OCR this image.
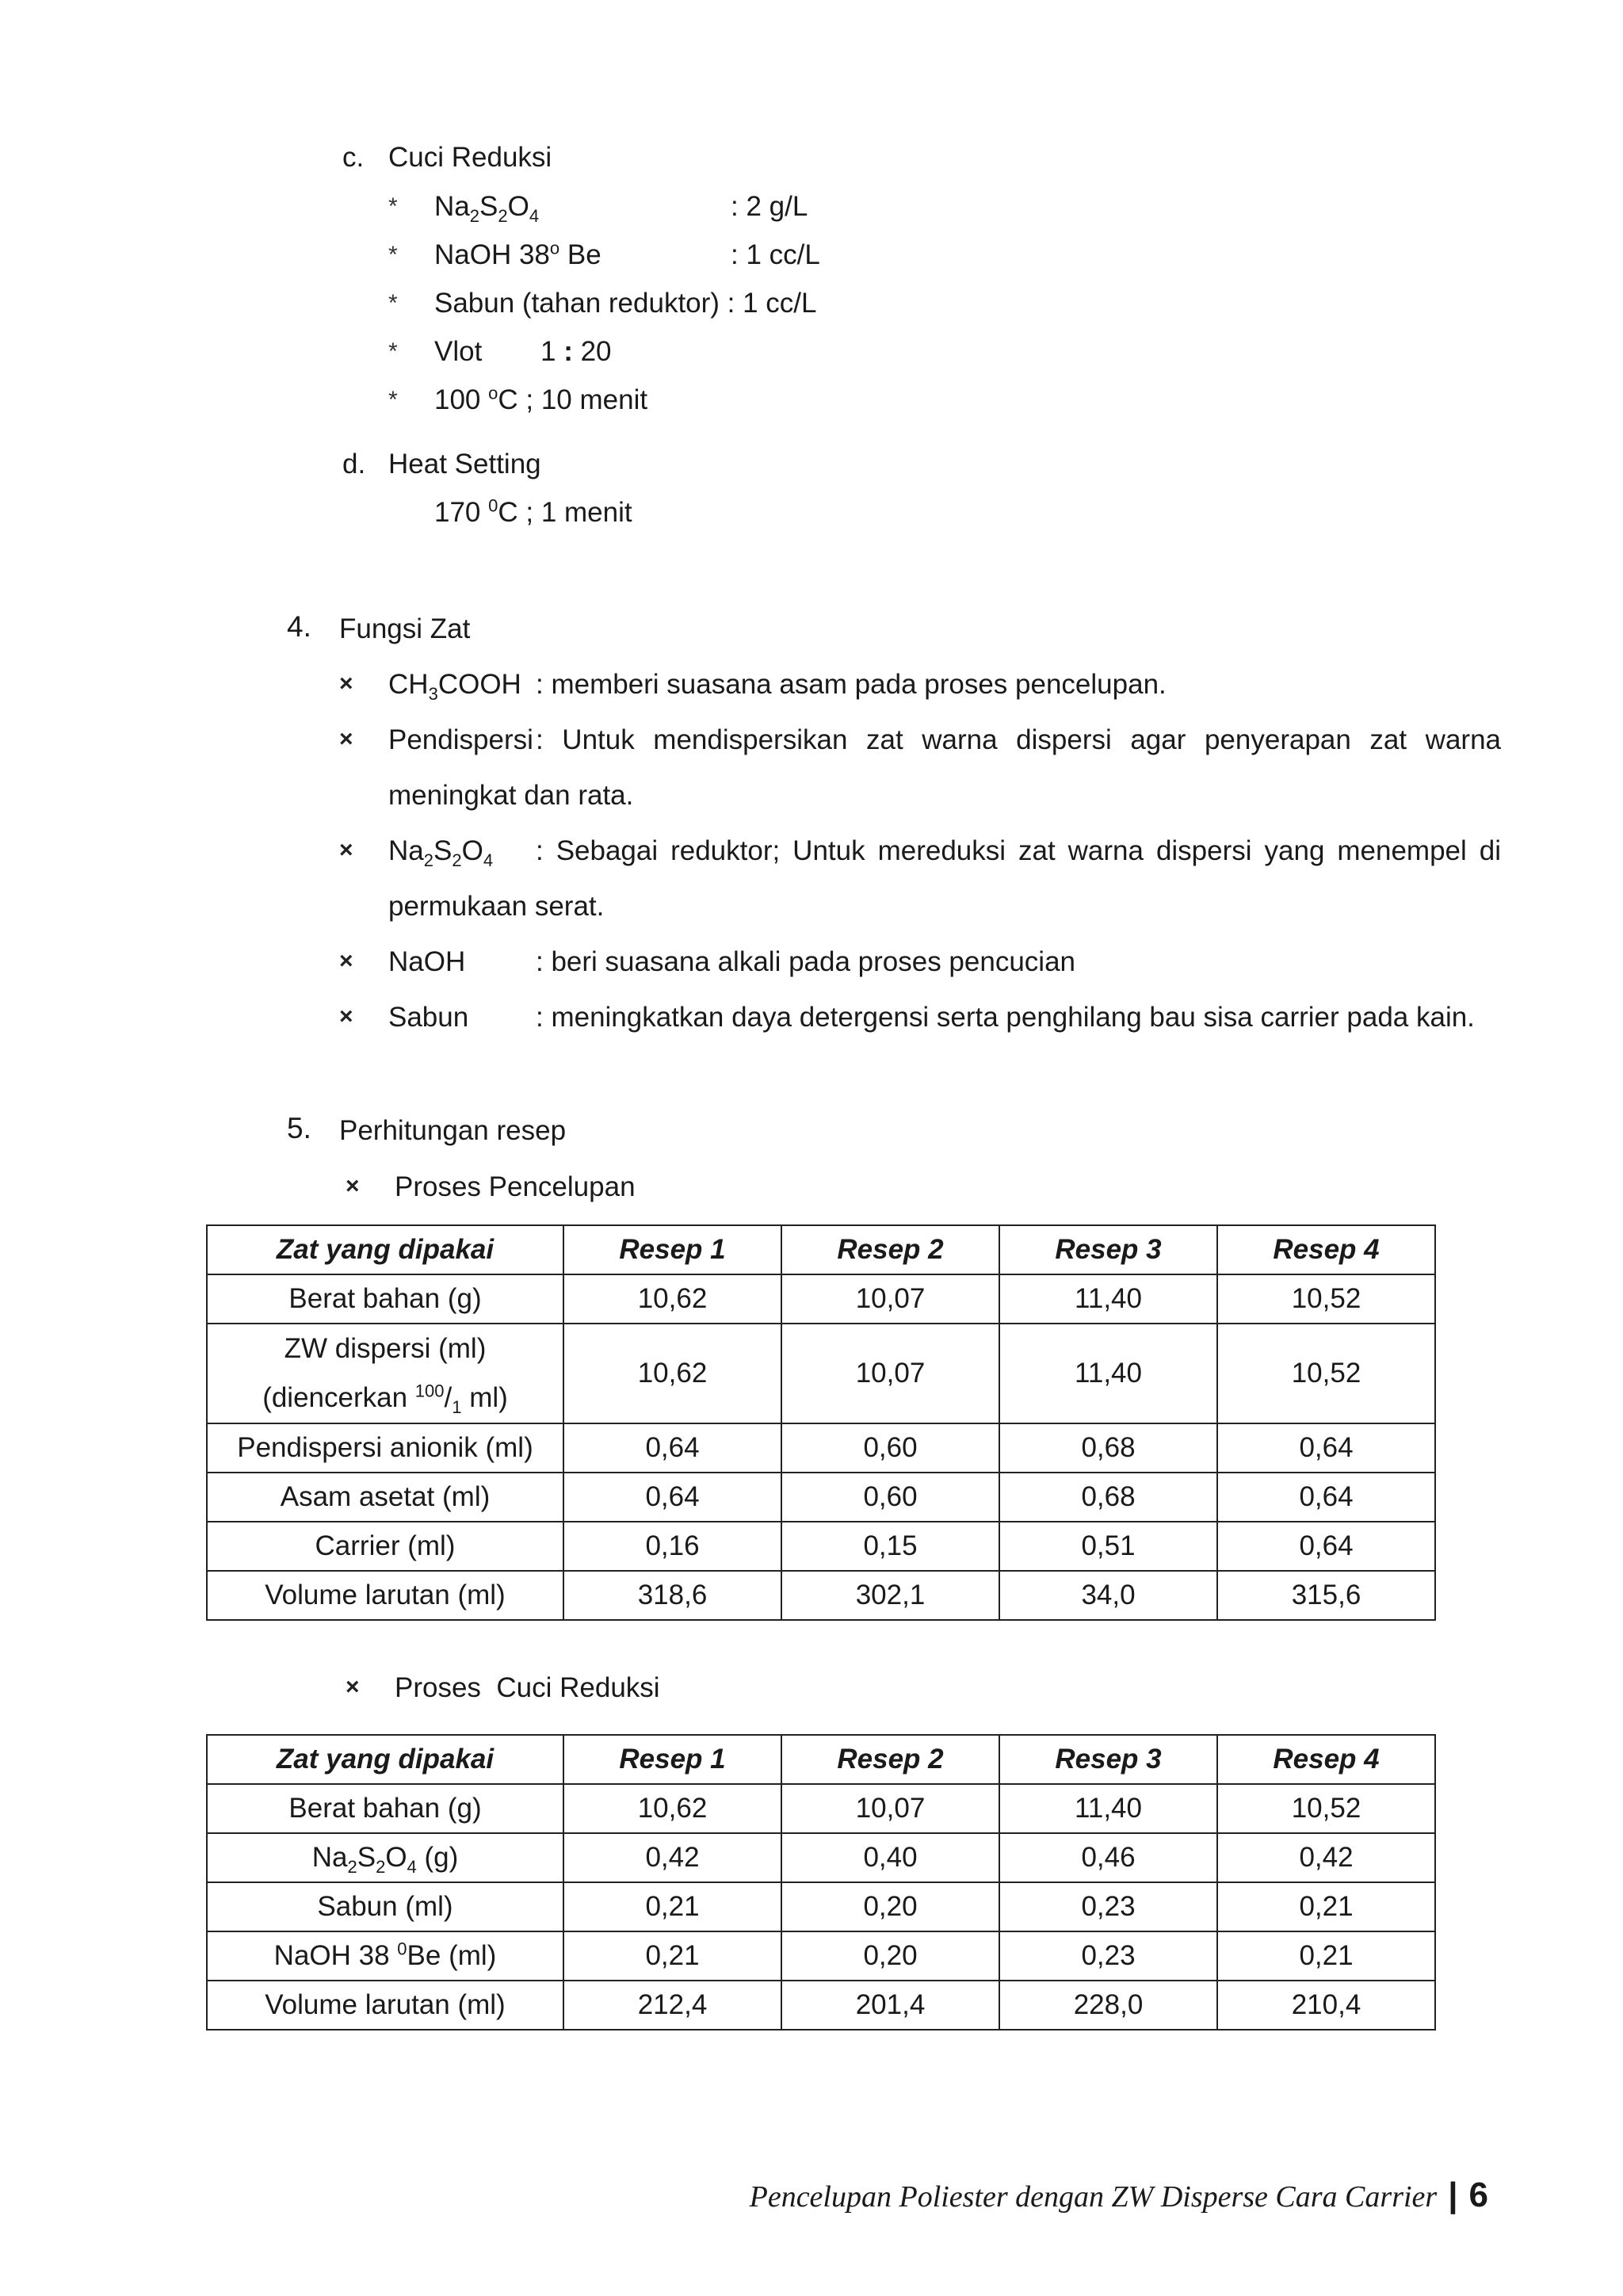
c. Cuci Reduksi
* $Na_2S_2O_4$	: 2 g/L
* NaOH 38$^o$ Be	: 1 cc/L
* Sabun (tahan reduktor) : 1 cc/L
* Vlot 1 : 20
* 100 $^o$C ; 10 menit
d. Heat Setting
170 $^0$C ; 1 menit
4. Fungsi Zat
× $CH_3COOH$ : memberi suasana asam pada proses pencelupan.
× Pendispersi : Untuk mendispersikan zat warna dispersi agar penyerapan zat warna
meningkat dan rata.
× $Na_2S_2O_4$ : Sebagai reduktor; Untuk mereduksi zat warna dispersi yang menempel di
permukaan serat.
× NaOH	: beri suasana alkali pada proses pencucian
× Sabun : meningkatkan daya detergensi serta penghilang bau sisa carrier pada kain.
5. Perhitungan resep
× Proses Pencelupan
Zat yang dipakai	Resep 1	Resep 2	Resep 3	Resep 4
Berat bahan (g)	10,62	10,07	11,40	10,52

ZW dispersi (ml)
(diencerkan $^{100}/_1$ ml)	10,62	10,07	11,40	10,52
Pendispersi anionik (ml)	0,64	0,60	0,68	0,64
Asam asetat (ml)	0,64	0,60	0,68	0,64
Carrier (ml)	0,16	0,15	0,51	0,64
Volume larutan (ml)	318,6	302,1	34,0	315,6
× Proses  Cuci Reduksi
Zat yang dipakai	Resep 1	Resep 2	Resep 3	Resep 4
Berat bahan (g)	10,62	10,07	11,40	10,52
$Na_2S_2O_4$ (g)	0,42	0,40	0,46	0,42
Sabun (ml)	0,21	0,20	0,23	0,21
NaOH 38 $^0$Be (ml)	0,21	0,20	0,23	0,21
Volume larutan (ml)	212,4	201,4	228,0	210,4
Pencelupan Poliester dengan ZW Disperse Cara Carrier | 6
